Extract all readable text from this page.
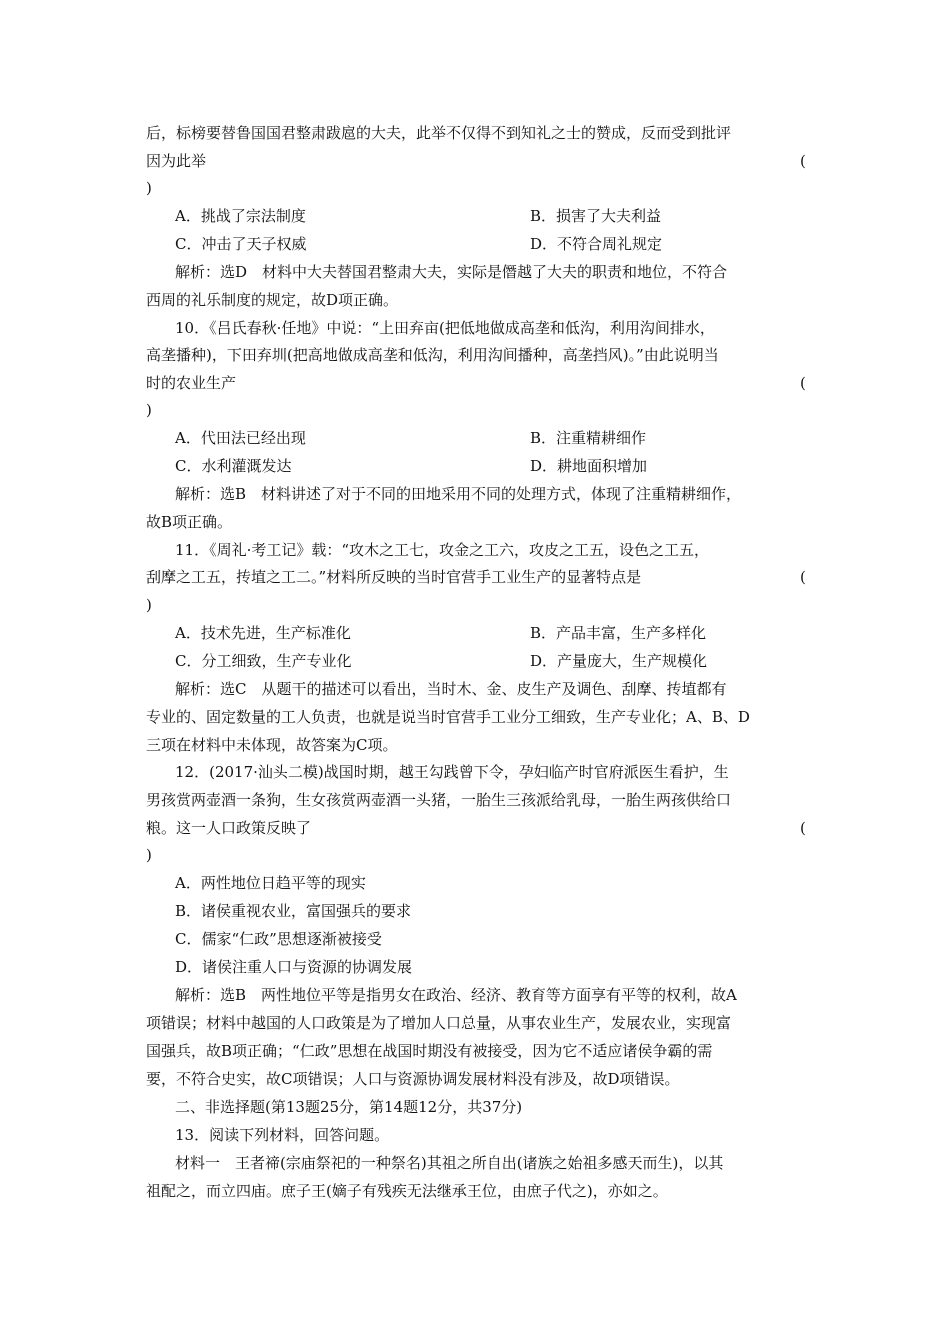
后，标榜要替鲁国国君整肃跋扈的大夫，此举不仅得不到知礼之士的赞成，反而受到批评
因为此举	(
)
A．挑战了宗法制度	B．损害了大夫利益
C．冲击了天子权威	D．不符合周礼规定
解析：选D　材料中大夫替国君整肃大夫，实际是僭越了大夫的职责和地位，不符合
西周的礼乐制度的规定，故D项正确。
10．《吕氏春秋·任地》中说：“上田弃亩(把低地做成高垄和低沟，利用沟间排水，
高垄播种)，下田弃圳(把高地做成高垄和低沟，利用沟间播种，高垄挡风)。”由此说明当
时的农业生产	(
)
A．代田法已经出现	B．注重精耕细作
C．水利灌溉发达	D．耕地面积增加
解析：选B　材料讲述了对于不同的田地采用不同的处理方式，体现了注重精耕细作，
故B项正确。
11．《周礼·考工记》载：“攻木之工七，攻金之工六，攻皮之工五，设色之工五，
刮摩之工五，抟埴之工二。”材料所反映的当时官营手工业生产的显著特点是	(
)
A．技术先进，生产标准化	B．产品丰富，生产多样化
C．分工细致，生产专业化	D．产量庞大，生产规模化
解析：选C　从题干的描述可以看出，当时木、金、皮生产及调色、刮摩、抟埴都有
专业的、固定数量的工人负责，也就是说当时官营手工业分工细致，生产专业化；A、B、D
三项在材料中未体现，故答案为C项。
12．(2017·汕头二模)战国时期，越王勾践曾下令，孕妇临产时官府派医生看护，生
男孩赏两壶酒一条狗，生女孩赏两壶酒一头猪，一胎生三孩派给乳母，一胎生两孩供给口
粮。这一人口政策反映了	(
)
A．两性地位日趋平等的现实
B．诸侯重视农业，富国强兵的要求
C．儒家“仁政”思想逐渐被接受
D．诸侯注重人口与资源的协调发展
解析：选B　两性地位平等是指男女在政治、经济、教育等方面享有平等的权利，故A
项错误；材料中越国的人口政策是为了增加人口总量，从事农业生产，发展农业，实现富
国强兵，故B项正确；“仁政”思想在战国时期没有被接受，因为它不适应诸侯争霸的需
要，不符合史实，故C项错误；人口与资源协调发展材料没有涉及，故D项错误。
二、非选择题(第13题25分，第14题12分，共37分)
13．阅读下列材料，回答问题。
材料一　王者禘(宗庙祭祀的一种祭名)其祖之所自出(诸族之始祖多感天而生)，以其
祖配之，而立四庙。庶子王(嫡子有残疾无法继承王位，由庶子代之)，亦如之。
